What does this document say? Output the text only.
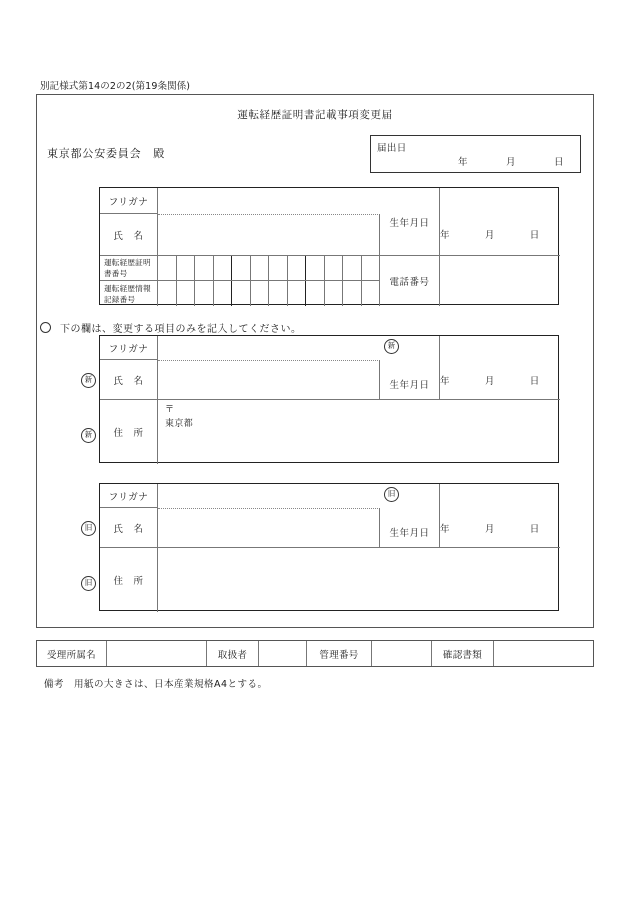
別記様式第14の2の2(第19条関係)
運転経歴証明書記載事項変更届
東京都公安委員会　殿	届出日
年	月	日
フリガナ
氏　名
生年月日
年	月	日
運転経歴証明
書番号
運転経歴情報
記録番号
電話番号
フリガナ
氏　名
新
生年月日	年	月	日
住　所
〒
東京都
新
新
フリガナ
氏　名
旧
生年月日	年	月	日
住　所
旧
旧
下の欄は、変更する項目のみを記入してください。
受理所属名	取扱者	管理番号	確認書類
備考　用紙の大きさは、日本産業規格A4とする。
